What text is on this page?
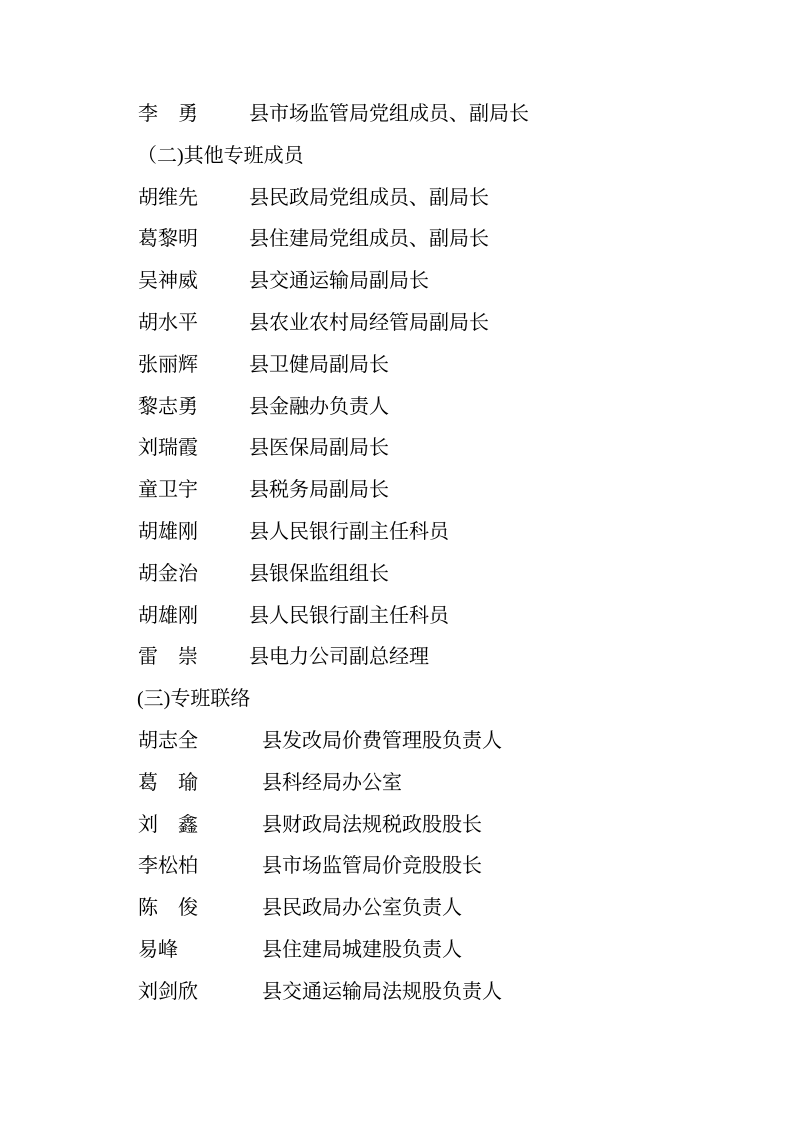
李　勇	县市场监管局党组成员、副局长
（二)其他专班成员
胡维先	县民政局党组成员、副局长
葛黎明	县住建局党组成员、副局长
吴神威	县交通运输局副局长
胡水平	县农业农村局经管局副局长
张丽辉	县卫健局副局长
黎志勇	县金融办负责人
刘瑞霞	县医保局副局长
童卫宇	县税务局副局长
胡雄刚	县人民银行副主任科员
胡金治	县银保监组组长
胡雄刚	县人民银行副主任科员
雷　崇	县电力公司副总经理
(三)专班联络
胡志全	县发改局价费管理股负责人
葛　瑜	县科经局办公室
刘　鑫	县财政局法规税政股股长
李松柏	县市场监管局价竞股股长
陈　俊	县民政局办公室负责人
易峰	县住建局城建股负责人
刘剑欣	县交通运输局法规股负责人
